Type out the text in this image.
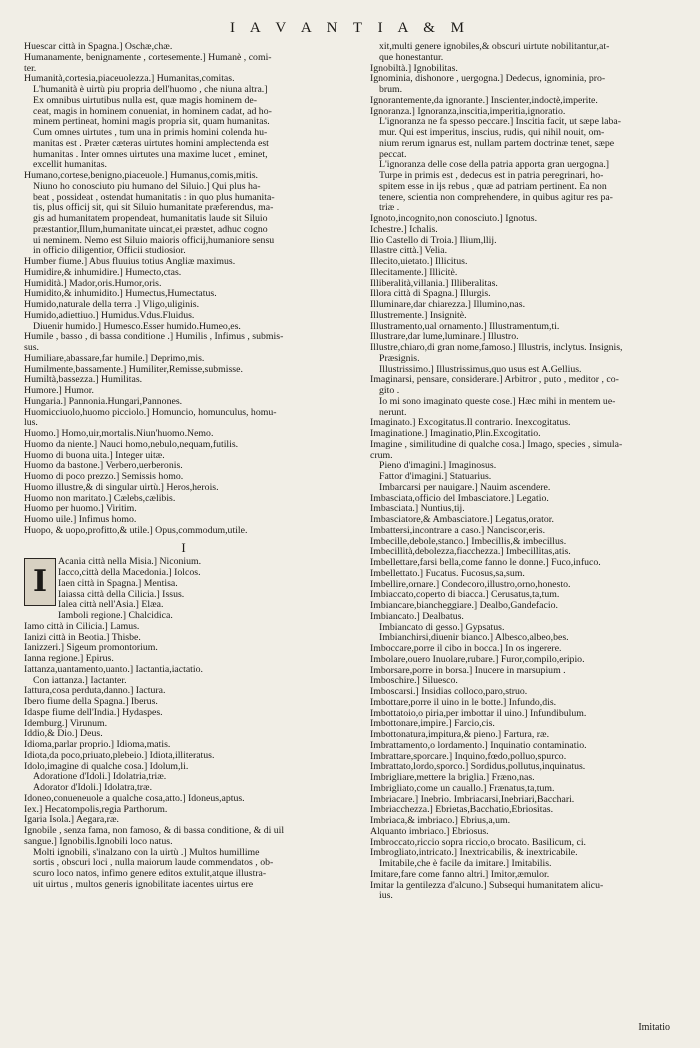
I A V A N T I A & M
Huescar città in Spagna.] Oschæ,chæ.
Humanamente, benignamente , cortesemente.] Humanè , comi-
ter.
Humanità,cortesia,piaceuolezza.] Humanitas,comitas.
L'humanità è uirtù piu propria dell'huomo , che niuna altra.]
Ex omnibus uirtutibus nulla est, quæ magis hominem de-
ceat, magis in hominem conueniat, in hominem cadat, ad ho-
minem pertineat, homini magis propria sit, quam humanitas.
Cum omnes uirtutes , tum una in primis homini colenda hu-
manitas est . Præter cæteras uirtutes homini amplectenda est
humanitas . Inter omnes uirtutes una maxime lucet , eminet,
excellit humanitas.
Humano,cortese,benigno,piaceuole.] Humanus,comis,mitis.
Niuno ho conosciuto piu humano del Siluio.] Qui plus ha-
beat , possideat , ostendat humanitatis : in quo plus humanita-
tis, plus officij sit, qui sit Siluio humanitate præferendus, ma-
gis ad humanitatem propendeat, humanitatis laude sit Siluio
præstantior,Illum,humanitate uincat,ei præstet, adhuc cogno
ui neminem. Nemo est Siluio maioris officij,humaniore sensu
in officio diligentior, Officii studiosior.
Humber fiume.] Abus fluuius totius Angliæ maximus.
Humidire,& inhumidire.] Humecto,ctas.
Humidità.] Mador,oris.Humor,oris.
Humidito,& inhumidito.] Humectus,Humectatus.
Humido,naturale della terra .] Vligo,uliginis.
Humido,adiettiuo.] Humidus.Vdus.Fluidus.
Diuenir humido.] Humesco.Esser humido.Humeo,es.
Humile , basso , di bassa conditione .] Humilis , Infimus , submis-
sus.
Humiliare,abassare,far humile.] Deprimo,mis.
Humilmente,bassamente.] Humiliter,Remisse,submisse.
Humiltà,bassezza.] Humilitas.
Humore.] Humor.
Hungaria.] Pannonia.Hungari,Pannones.
Huomicciuolo,huomo picciolo.] Homuncio, homunculus, homu-
lus.
Huomo.] Homo,uir,mortalis.Niun'huomo.Nemo.
Huomo da niente.] Nauci homo,nebulo,nequam,futilis.
Huomo di buona uita.] Integer uitæ.
Huomo da bastone.] Verbero,uerberonis.
Huomo di poco prezzo.] Semissis homo.
Huomo illustre,& di singular uirtù.] Heros,herois.
Huomo non maritato.] Cælebs,cælibis.
Huomo per huomo.] Viritim.
Huomo uile.] Infimus homo.
Huopo, & uopo,profitto,& utile.] Opus,commodum,utile.
I
I
Acania città nella Misia.] Niconium.
Iacco,città della Macedonia.] Iolcos.
Iaen città in Spagna.] Mentisa.
Iaiassa città della Cilicia.] Issus.
Ialea città nell'Asia.] Elæa.
Iamboli regione.] Chalcidica.
Iamo città in Cilicia.] Lamus.
Ianizi città in Beotia.] Thisbe.
Ianizzeri.] Sigeum promontorium.
Ianna regione.] Epirus.
Iattanza,uantamento,uanto.] Iactantia,iactatio.
Con iattanza.] Iactanter.
Iattura,cosa perduta,danno.] Iactura.
Ibero fiume della Spagna.] Iberus.
Idaspe fiume dell'India.] Hydaspes.
Idemburg.] Virunum.
Iddio,& Dio.] Deus.
Idioma,parlar proprio.] Idioma,matis.
Idiota,da poco,priuato,plebeio.] Idiota,illiteratus.
Idolo,imagine di qualche cosa.] Idolum,li.
Adoratione d'Idoli.] Idolatria,triæ.
Adorator d'Idoli.] Idolatra,træ.
Idoneo,conueneuole a qualche cosa,atto.] Idoneus,aptus.
Iex.] Hecatompolis,regia Parthorum.
Igaria Isola.] Aegara,ræ.
Ignobile , senza fama, non famoso, & di bassa conditione, & di uil
sangue.] Ignobilis.Ignobili loco natus.
Molti ignobili, s'inalzano con la uirtù .] Multos humillime
sortis , obscuri loci , nulla maiorum laude commendatos , ob-
scuro loco natos, infimo genere editos extulit,atque illustra-
uit uirtus , multos generis ignobilitate iacentes uirtus ere
xit,multi genere ignobiles,& obscuri uirtute nobilitantur,at-
que honestantur.
Ignobiltà.] Ignobilitas.
Ignominia, dishonore , uergogna.] Dedecus, ignominia, pro-
brum.
Ignorantemente,da ignorante.] Inscienter,indoctè,imperite.
Ignoranza.] Ignoranza,inscitia,imperitia,ignoratio.
L'ignoranza ne fa spesso peccare.] Inscitia facit, ut sæpe laba-
mur. Qui est imperitus, inscius, rudis, qui nihil nouit, om-
nium rerum ignarus est, nullam partem doctrinæ tenet, sæpe
peccat.
L'ignoranza delle cose della patria apporta gran uergogna.]
Turpe in primis est , dedecus est in patria peregrinari, ho-
spitem esse in ijs rebus , quæ ad patriam pertinent. Ea non
tenere, scientia non comprehendere, in quibus agitur res pa-
triæ .
Ignoto,incognito,non conosciuto.] Ignotus.
Ichestre.] Ichalis.
Ilio Castello di Troia.] Ilium,llij.
Illastre città.] Velia.
Illecito,uietato.] Illicitus.
Illecitamente.] Illicitè.
Illiberalità,villania.] Illiberalitas.
Illora città di Spagna.] Illurgis.
Illuminare,dar chiarezza.] Illumino,nas.
Illustremente.] Insignitè.
Illustramento,ual ornamento.] Illustramentum,ti.
Illustrare,dar lume,luminare.] Illustro.
Illustre,chiaro,di gran nome,famoso.] Illustris, inclytus. Insignis,
Præsignis.
Illustrissimo.] Illustrissimus,quo usus est A.Gellius.
Imaginarsi, pensare, considerare.] Arbitror , puto , meditor , co-
gito .
Io mi sono imaginato queste cose.] Hæc mihi in mentem ue-
nerunt.
Imaginato.] Excogitatus.Il contrario. Inexcogitatus.
Imaginatione.] Imaginatio,Plin.Excogitatio.
Imagine , similitudine di qualche cosa.] Imago, species , simula-
crum.
Pieno d'imagini.] Imaginosus.
Fattor d'imagini.] Statuarius.
Imbarcarsi per nauigare.] Nauim ascendere.
Imbasciata,officio del Imbasciatore.] Legatio.
Imbasciata.] Nuntius,tij.
Imbasciatore,& Ambasciatore.] Legatus,orator.
Imbattersi,incontrare a caso.] Nanciscor,eris.
Imbecille,debole,stanco.] Imbecillis,& imbecillus.
Imbecillità,debolezza,fiacchezza.] Imbecillitas,atis.
Imbellettare,farsi bella,come fanno le donne.] Fuco,infuco.
Imbellettato.] Fucatus. Fucosus,sa,sum.
Imbellire,ornare.] Condecoro,illustro,orno,honesto.
Imbiaccato,coperto di biacca.] Cerusatus,ta,tum.
Imbiancare,biancheggiare.] Dealbo,Gandefacio.
Imbiancato.] Dealbatus.
Imbiancato di gesso.] Gypsatus.
Imbianchirsi,diuenir bianco.] Albesco,albeo,bes.
Imboccare,porre il cibo in bocca.] In os ingerere.
Imbolare,ouero Inuolare,rubare.] Furor,compilo,eripio.
Imborsare,porre in borsa.] Inucere in marsupium .
Imboschire.] Siluesco.
Imboscarsi.] Insidias colloco,paro,struo.
Imbottare,porre il uino in le botte.] Infundo,dis.
Imbottatoio,o piria,per imbottar il uino.] Infundibulum.
Imbottonare,impire.] Farcio,cis.
Imbottonatura,impitura,& pieno.] Fartura, ræ.
Imbrattamento,o lordamento.] Inquinatio contaminatio.
Imbrattare,sporcare.] Inquino,fœdo,polluo,spurco.
Imbrattato,lordo,sporco.] Sordidus,pollutus,inquinatus.
Imbrigliare,mettere la briglia.] Fræno,nas.
Imbrigliato,come un cauallo.] Frænatus,ta,tum.
Imbriacare.] Inebrio. Imbriacarsi,Inebriari,Bacchari.
Imbriacchezza.] Ebrietas,Bacchatio,Ebriositas.
Imbriaca,& imbriaco.] Ebrius,a,um.
Alquanto imbriaco.] Ebriosus.
Imbroccato,riccio sopra riccio,o brocato. Basilicum, ci.
Imbrogliato,intricato.] Inextricabilis, & inextricabile.
Imitabile,che è facile da imitare.] Imitabilis.
Imitare,fare come fanno altri.] Imitor,æmulor.
Imitar la gentilezza d'alcuno.] Subsequi humanitatem alicu-
ius.
Imitatio
